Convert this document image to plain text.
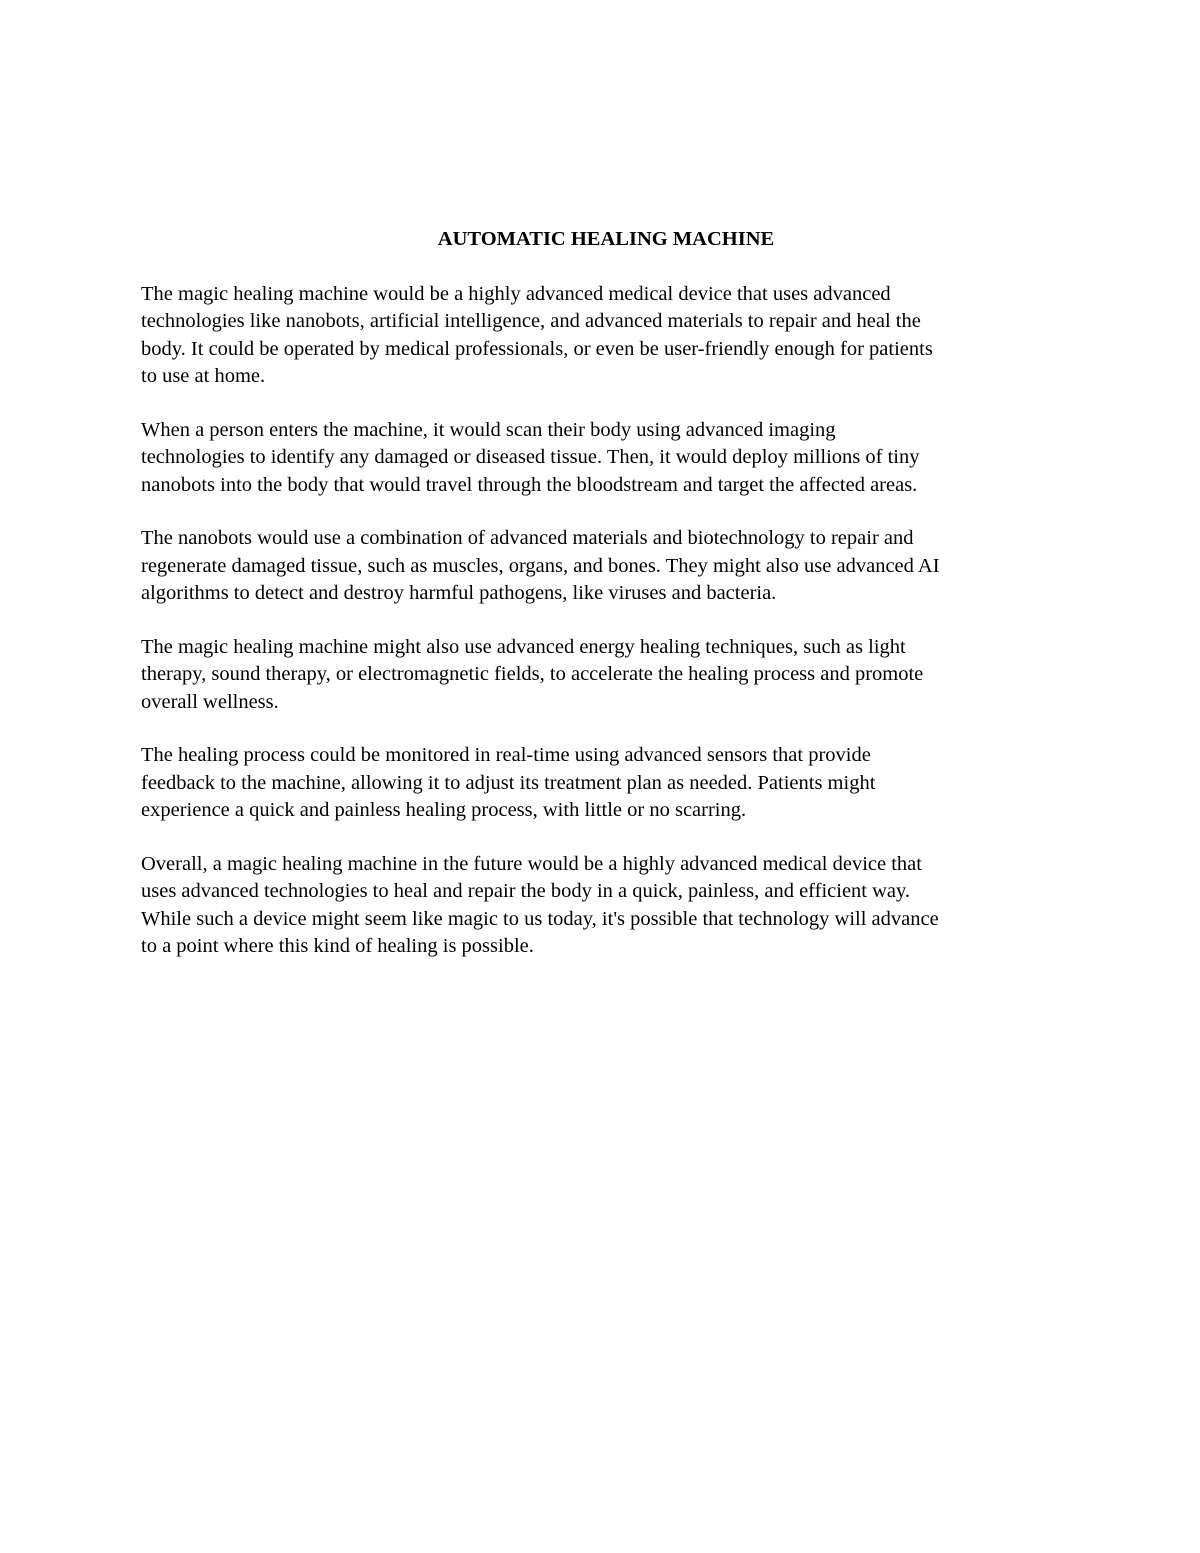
AUTOMATIC HEALING MACHINE
The magic healing machine would be a highly advanced medical device that uses advanced
technologies like nanobots, artificial intelligence, and advanced materials to repair and heal the
body. It could be operated by medical professionals, or even be user-friendly enough for patients
to use at home.
When a person enters the machine, it would scan their body using advanced imaging
technologies to identify any damaged or diseased tissue. Then, it would deploy millions of tiny
nanobots into the body that would travel through the bloodstream and target the affected areas.
The nanobots would use a combination of advanced materials and biotechnology to repair and
regenerate damaged tissue, such as muscles, organs, and bones. They might also use advanced AI
algorithms to detect and destroy harmful pathogens, like viruses and bacteria.
The magic healing machine might also use advanced energy healing techniques, such as light
therapy, sound therapy, or electromagnetic fields, to accelerate the healing process and promote
overall wellness.
The healing process could be monitored in real-time using advanced sensors that provide
feedback to the machine, allowing it to adjust its treatment plan as needed. Patients might
experience a quick and painless healing process, with little or no scarring.
Overall, a magic healing machine in the future would be a highly advanced medical device that
uses advanced technologies to heal and repair the body in a quick, painless, and efficient way.
While such a device might seem like magic to us today, it's possible that technology will advance
to a point where this kind of healing is possible.
